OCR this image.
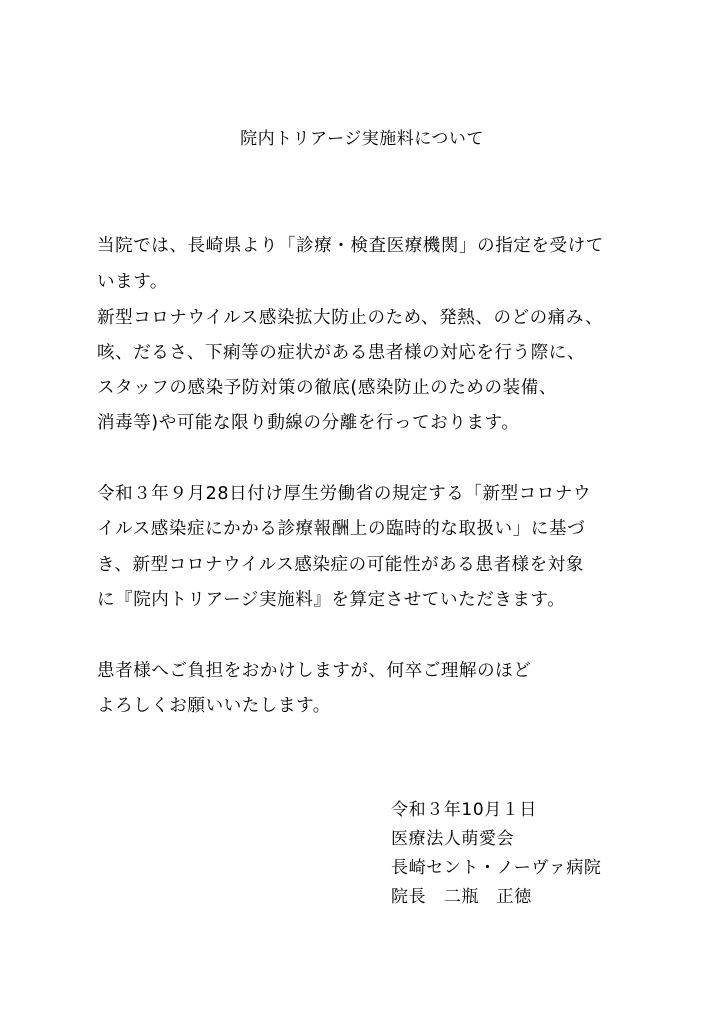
院内トリアージ実施料について
当院では、長崎県より「診療・検査医療機関」の指定を受けて
います。
新型コロナウイルス感染拡大防止のため、発熱、のどの痛み、
咳、だるさ、下痢等の症状がある患者様の対応を行う際に、
スタッフの感染予防対策の徹底(感染防止のための装備、
消毒等)や可能な限り動線の分離を行っております。
令和３年９月28日付け厚生労働省の規定する「新型コロナウ
イルス感染症にかかる診療報酬上の臨時的な取扱い」に基づ
き、新型コロナウイルス感染症の可能性がある患者様を対象
に『院内トリアージ実施料』を算定させていただきます。
患者様へご負担をおかけしますが、何卒ご理解のほど
よろしくお願いいたします。
令和３年10月１日
医療法人萌愛会
長崎セント・ノーヴァ病院
院長　二瓶　正徳
